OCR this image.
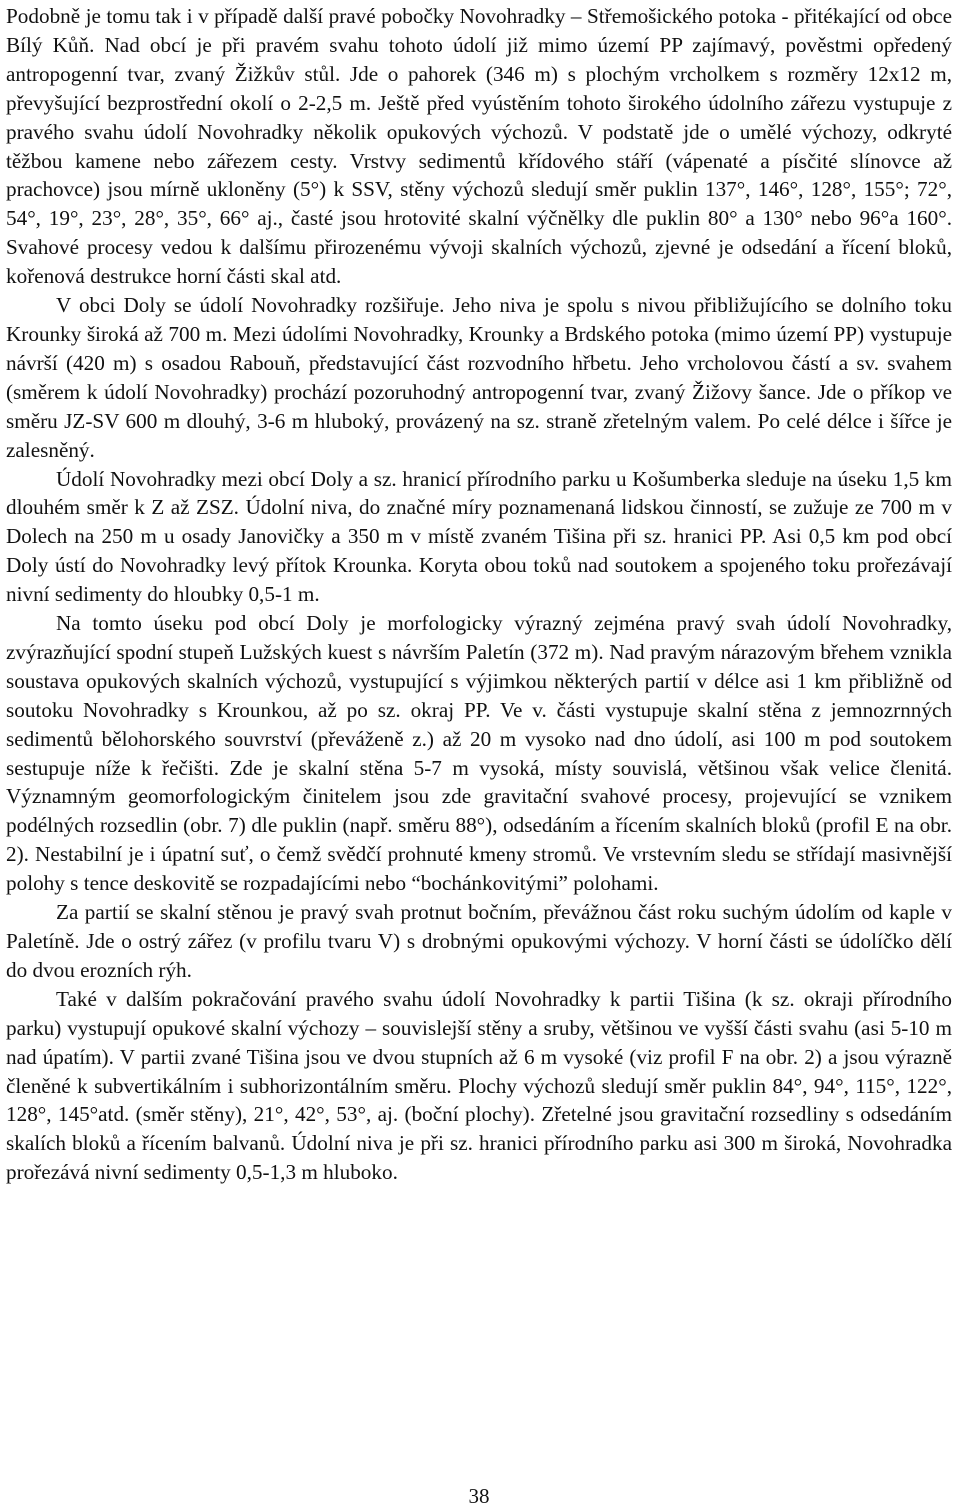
Podobně je tomu tak i v případě další pravé pobočky Novohradky – Střemošického potoka - přitékající od obce Bílý Kůň. Nad obcí je při pravém svahu tohoto údolí již mimo území PP zajímavý, pověstmi opředený antropogenní tvar, zvaný Žižkův stůl. Jde o pahorek (346 m) s plochým vrcholkem s rozměry 12x12 m, převyšující bezprostřední okolí o 2-2,5 m. Ještě před vyústěním tohoto širokého údolního zářezu vystupuje z pravého svahu údolí Novohradky několik opukových výchozů. V podstatě jde o umělé výchozy, odkryté těžbou kamene nebo zářezem cesty. Vrstvy sedimentů křídového stáří (vápenaté a písčité slínovce až prachovce) jsou mírně ukloněny (5°) k SSV, stěny výchozů sledují směr puklin 137°, 146°, 128°, 155°; 72°, 54°, 19°, 23°, 28°, 35°, 66° aj., časté jsou hrotovité skalní výčnělky dle puklin 80° a 130° nebo 96°a 160°. Svahové procesy vedou k dalšímu přirozenému vývoji skalních výchozů, zjevné je odsedání a řícení bloků, kořenová destrukce horní části skal atd.

V obci Doly se údolí Novohradky rozšiřuje. Jeho niva je spolu s nivou přibližujícího se dolního toku Krounky široká až 700 m. Mezi údolími Novohradky, Krounky a Brdského potoka (mimo území PP) vystupuje návrší (420 m) s osadou Rabouň, představující část rozvodního hřbetu. Jeho vrcholovou částí a sv. svahem (směrem k údolí Novohradky) prochází pozoruhodný antropogenní tvar, zvaný Žižovy šance. Jde o příkop ve směru JZ-SV 600 m dlouhý, 3-6 m hluboký, provázený na sz. straně zřetelným valem. Po celé délce i šířce je zalesněný.

Údolí Novohradky mezi obcí Doly a sz. hranicí přírodního parku u Košumberka sleduje na úseku 1,5 km dlouhém směr k Z až ZSZ. Údolní niva, do značné míry poznamenaná lidskou činností, se zužuje ze 700 m v Dolech na 250 m u osady Janovičky a 350 m v místě zvaném Tišina při sz. hranici PP. Asi 0,5 km pod obcí Doly ústí do Novohradky levý přítok Krounka. Koryta obou toků nad soutokem a spojeného toku prořezávají nivní sedimenty do hloubky 0,5-1 m.

Na tomto úseku pod obcí Doly je morfologicky výrazný zejména pravý svah údolí Novohradky, zvýrazňující spodní stupeň Lužských kuest s návrším Paletín (372 m). Nad pravým nárazovým břehem vznikla soustava opukových skalních výchozů, vystupující s výjimkou některých partií v délce asi 1 km přibližně od soutoku Novohradky s Krounkou, až po sz. okraj PP. Ve v. části vystupuje skalní stěna z jemnozrnných sedimentů bělohorského souvrství (převáženě z.) až 20 m vysoko nad dno údolí, asi 100 m pod soutokem sestupuje níže k řečišti. Zde je skalní stěna 5-7 m vysoká, místy souvislá, většinou však velice členitá. Významným geomorfologickým činitelem jsou zde gravitační svahové procesy, projevující se vznikem podélných rozsedlin (obr. 7) dle puklin (např. směru 88°), odsedáním a řícením skalních bloků (profil E na obr. 2). Nestabilní je i úpatní suť, o čemž svědčí prohnuté kmeny stromů. Ve vrstevním sledu se střídají masivnější polohy s tence deskovitě se rozpadajícími nebo “bochánkovitými” polohami.

Za partií se skalní stěnou je pravý svah protnut bočním, převážnou část roku suchým údolím od kaple v Paletíně. Jde o ostrý zářez (v profilu tvaru V) s drobnými opukovými výchozy. V horní části se údolíčko dělí do dvou erozních rýh.

Také v dalším pokračování pravého svahu údolí Novohradky k partii Tišina (k sz. okraji přírodního parku) vystupují opukové skalní výchozy – souvislejší stěny a sruby, většinou ve vyšší části svahu (asi 5-10 m nad úpatím). V partii zvané Tišina jsou ve dvou stupních až 6 m vysoké (viz profil F na obr. 2) a jsou výrazně členěné k subvertikálním i subhorizontálním směru. Plochy výchozů sledují směr puklin 84°, 94°, 115°, 122°, 128°, 145°atd. (směr stěny), 21°, 42°, 53°, aj. (boční plochy). Zřetelné jsou gravitační rozsedliny s odsedáním skalích bloků a řícením balvanů. Údolní niva je při sz. hranici přírodního parku asi 300 m široká, Novohradka prořezává nivní sedimenty 0,5-1,3 m hluboko.

38
